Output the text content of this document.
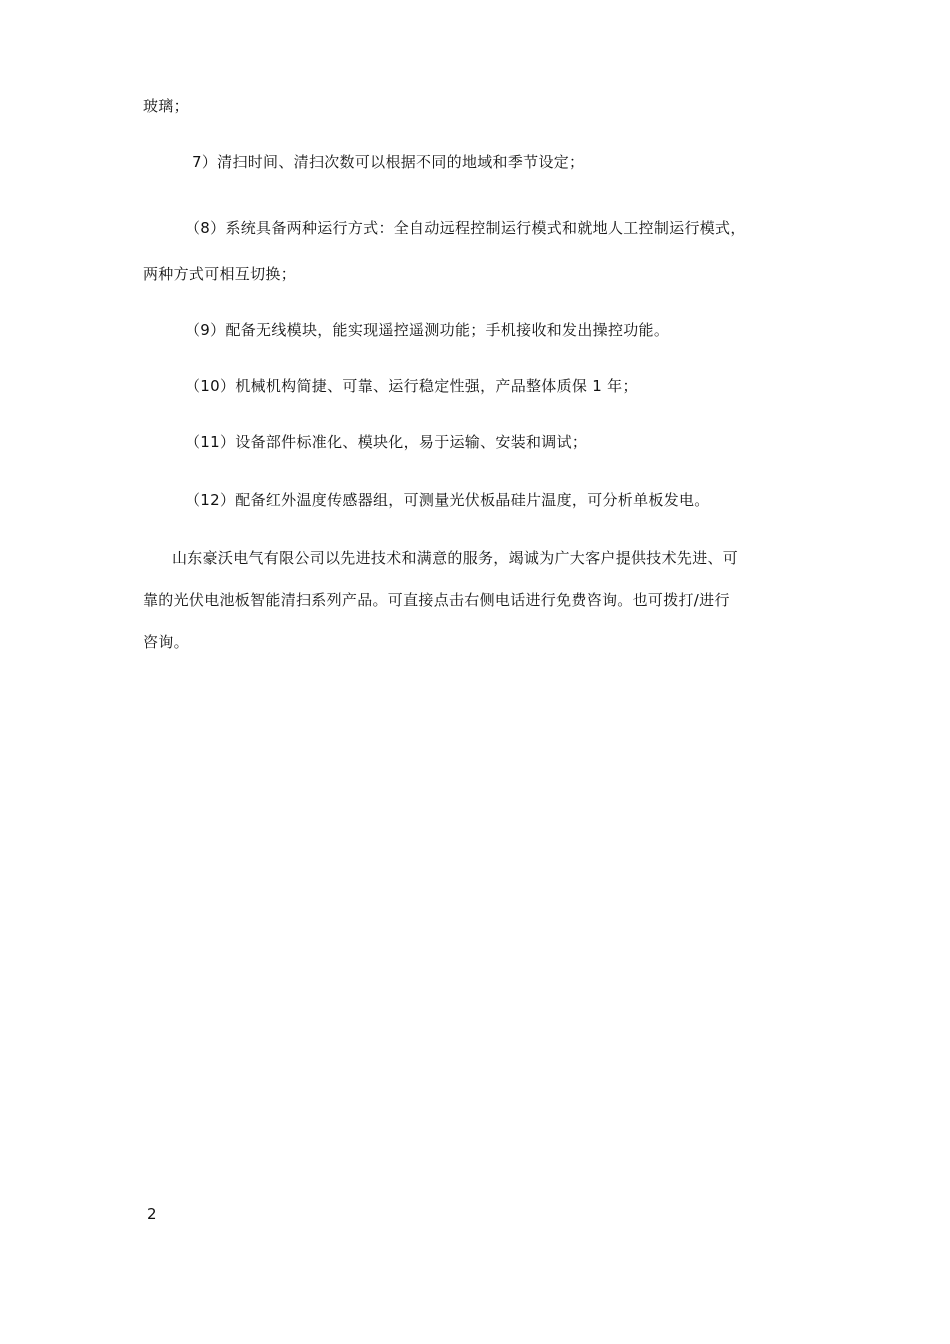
玻璃；
7）清扫时间、清扫次数可以根据不同的地域和季节设定；
（8）系统具备两种运行方式：全自动远程控制运行模式和就地人工控制运行模式，
两种方式可相互切换；
（9）配备无线模块，能实现遥控遥测功能；手机接收和发出操控功能。
（10）机械机构简捷、可靠、运行稳定性强，产品整体质保 1 年；
（11）设备部件标准化、模块化，易于运输、安装和调试；
（12）配备红外温度传感器组，可测量光伏板晶硅片温度，可分析单板发电。
山东豪沃电气有限公司以先进技术和满意的服务，竭诚为广大客户提供技术先进、可
靠的光伏电池板智能清扫系列产品。可直接点击右侧电话进行免费咨询。也可拨打/进行
咨询。
2
